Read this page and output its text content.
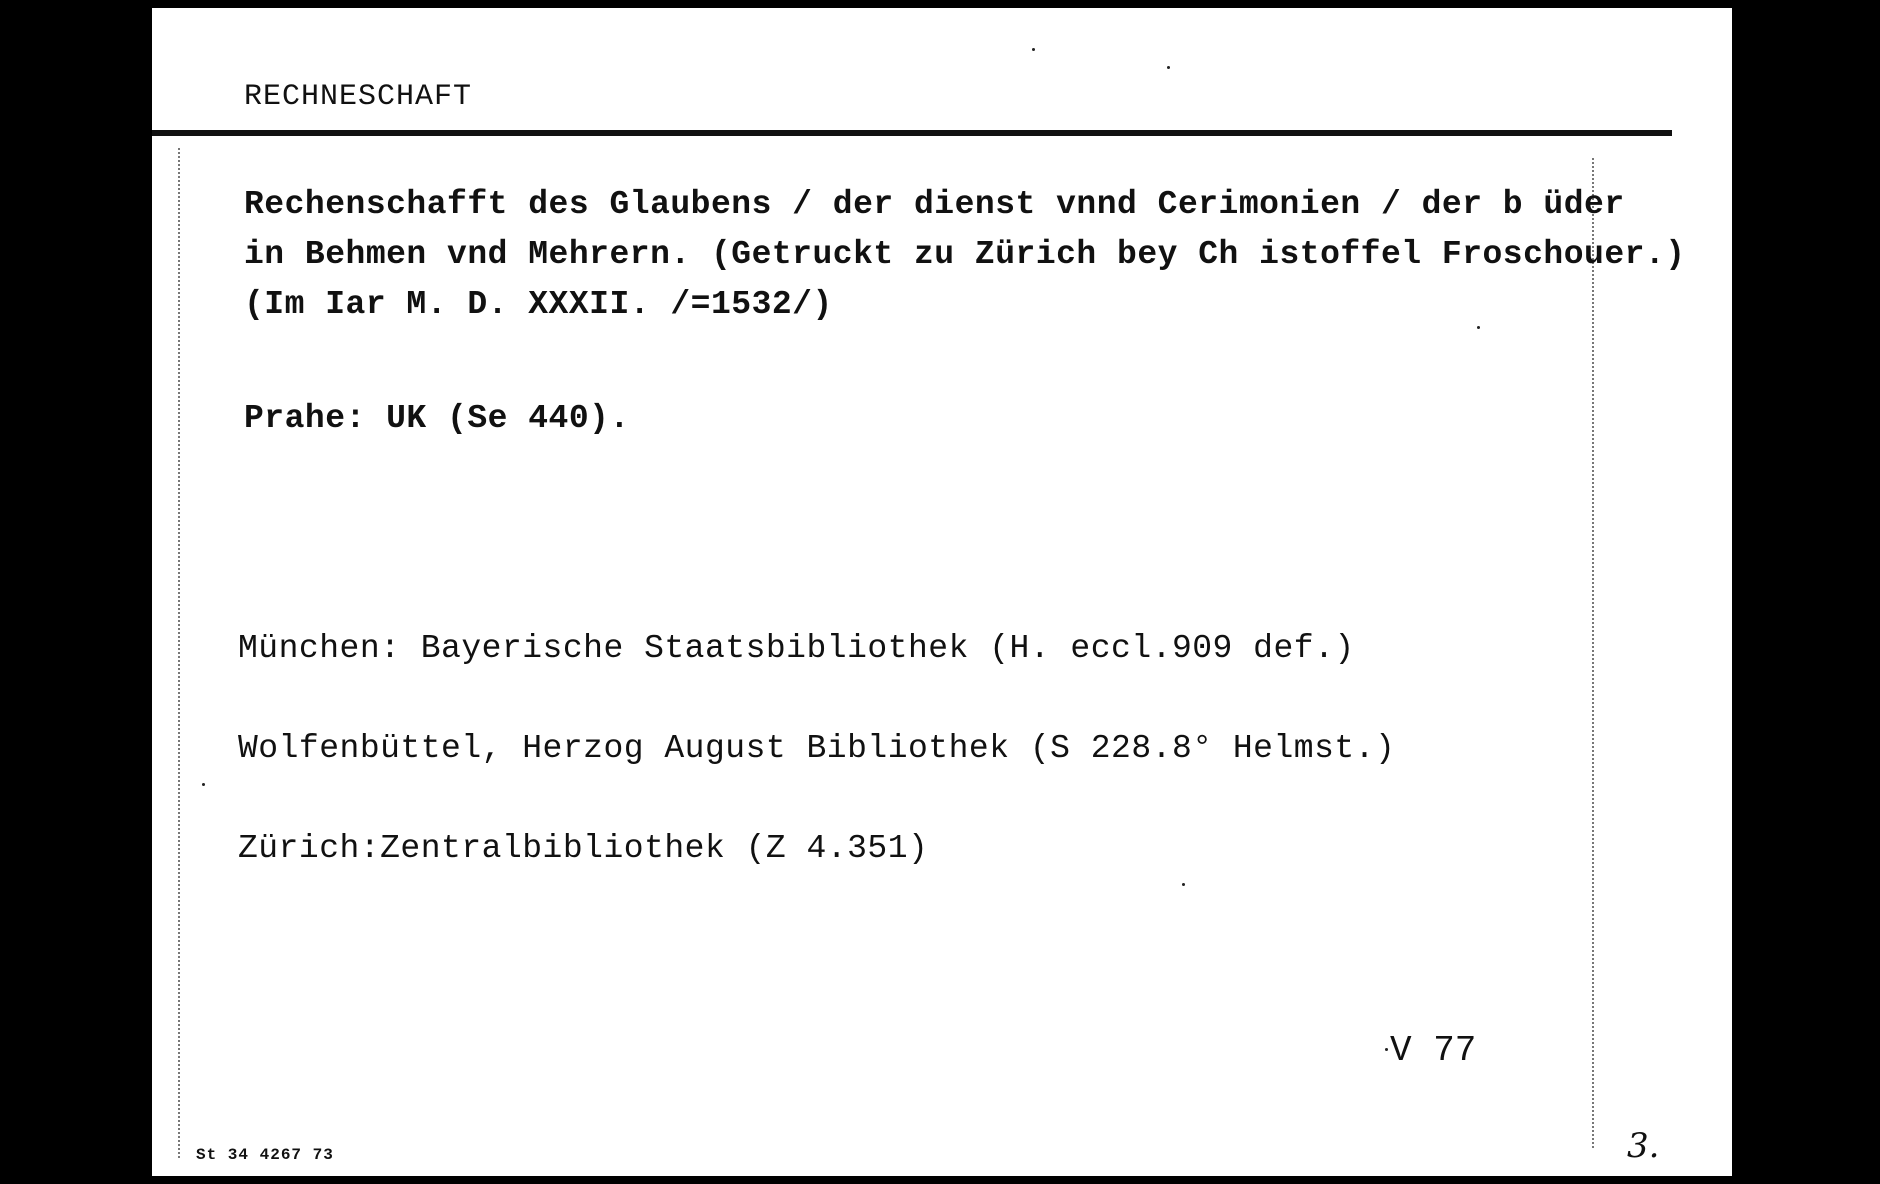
RECHNESCHAFT
Rechenschafft des Glaubens / der dienst vnnd Cerimonien / der b üder
in Behmen vnd Mehrern. (Getruckt zu Zürich bey Ch istoffel Froschouer.)
(Im Iar M. D. XXXII. /=1532/)
Prahe: UK (Se 440).
München: Bayerische Staatsbibliothek (H. eccl.909 def.)
Wolfenbüttel, Herzog August Bibliothek (S 228.8° Helmst.)
Zürich:Zentralbibliothek (Z 4.351)
V 77
St 34 4267 73	3.
